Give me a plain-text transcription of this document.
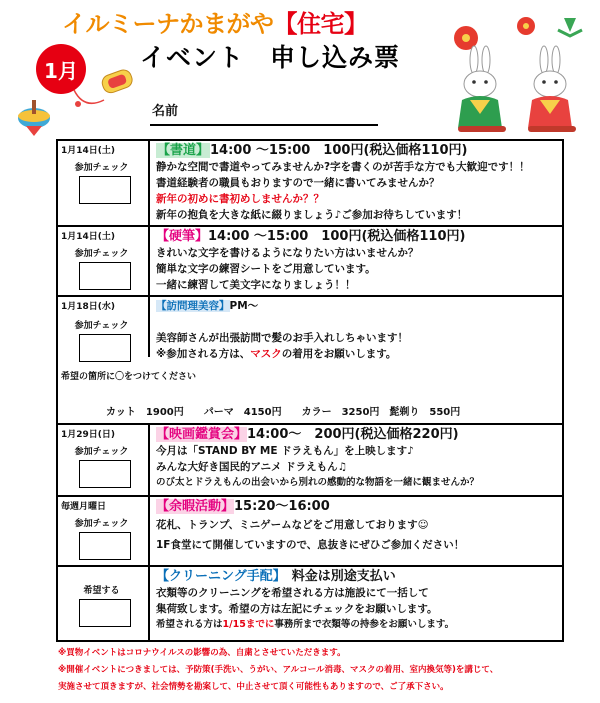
イルミーナかまがや【住宅】
イベント　申し込み票
1月
名前
1月14日(土)
参加チェック
【書道】14:00 ～15:00　100円(税込価格110円)
静かな空間で書道やってみませんか?字を書くのが苦手な方でも大歓迎です！！
書道経験者の職員もおりますので一緒に書いてみませんか？
新年の初めに書初めしませんか？？
新年の抱負を大きな紙に綴りましょう♪ご参加お待ちしています！
1月14日(土)
参加チェック
【硬筆】14:00 ～15:00　100円(税込価格110円)
きれいな文字を書けるようになりたい方はいませんか？
簡単な文字の練習シートをご用意しています。
一緒に練習して美文字になりましょう！！
1月18日(水)
参加チェック
【訪問理美容】PM～
美容師さんが出張訪問で髪のお手入れしちゃいます！
※参加される方は、マスクの着用をお願いします。
希望の箇所に〇をつけてください
カット　1900円　　パーマ　4150円　　カラー　3250円　髭剃り　550円
1月29日(日)
参加チェック
【映画鑑賞会】14:00～　200円(税込価格220円)
今月は「STAND BY ME ドラえもん」を上映します♪
みんな大好き国民的アニメ ドラえもん♫
のび太とドラえもんの出会いから別れの感動的な物語を一緒に観ませんか？
毎週月曜日
参加チェック
【余暇活動】15:20～16:00
花札、トランプ、ミニゲームなどをご用意しております☺
1F食堂にて開催していますので、息抜きにぜひご参加ください！
希望する
【クリーニング手配】 料金は別途支払い
衣類等のクリーニングを希望される方は施設にて一括して
集荷致します。希望の方は左記にチェックをお願いします。
希望される方は1/15までに事務所まで衣類等の持参をお願いします。
※買物イベントはコロナウイルスの影響の為、自粛とさせていただきます。
※開催イベントにつきましては、予防策(手洗い、うがい、アルコール消毒、マスクの着用、室内換気等)を講じて、
実施させて頂きますが、社会情勢を勘案して、中止させて頂く可能性もありますので、ご了承下さい。
